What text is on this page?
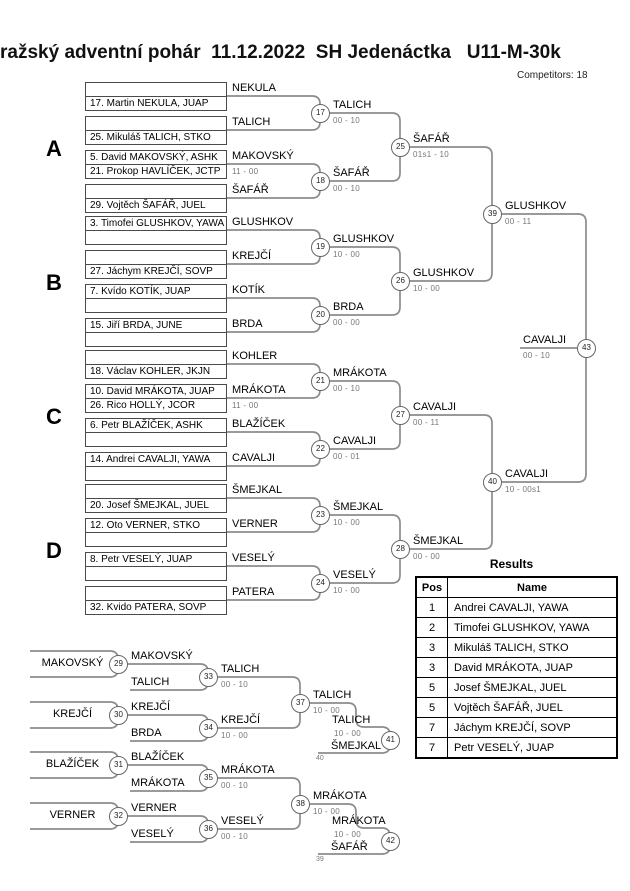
ražský adventní pohár  11.12.2022  SH Jedenáctka   U11-M-30k
Competitors: 18
A
B
C
D
Results
Pos	Name
1	Andrei CAVALJI, YAWA
2	Timofei GLUSHKOV, YAWA
3	Mikuláš TALICH, STKO
3	David MRÁKOTA, JUAP
5	Josef ŠMEJKAL, JUEL
5	Vojtěch ŠAFÁŘ, JUEL
7	Jáchym KREJČÍ, SOVP
7	Petr VESELÝ, JUAP
17. Martin NEKULA, JUAP
NEKULA
25. Mikuláš TALICH, STKO
TALICH
5. David MAKOVSKÝ, ASHK
21. Prokop HAVLÍČEK, JCTP
MAKOVSKÝ
11 - 00
29. Vojtěch ŠAFÁŘ, JUEL
ŠAFÁŘ
3. Timofei GLUSHKOV, YAWA GLUSHKOV
27. Jáchym KREJČÍ, SOVP
KREJČÍ
7. Kvído KOTÍK, JUAP	KOTÍK
15. Jiří BRDA, JUNE	BRDA
18. Václav KOHLER, JKJN
KOHLER
10. David MRÁKOTA, JUAP
26. Rico HOLLÝ, JCOR
MRÁKOTA
11 - 00
6. Petr BLAŽÍČEK, ASHK	BLAŽÍČEK
14. Andrei CAVALJI, YAWA	CAVALJI
20. Josef ŠMEJKAL, JUEL
ŠMEJKAL
12. Oto VERNER, STKO	VERNER
8. Petr VESELÝ, JUAP	VESELÝ
32. Kvido PATERA, SOVP
PATERA
17
TALICH
00 - 10
18
ŠAFÁŘ
00 - 10
19
GLUSHKOV
10 - 00
20
BRDA
00 - 00
21
MRÁKOTA
00 - 10
22
CAVALJI
00 - 01
23
ŠMEJKAL
10 - 00
24
VESELÝ
10 - 00
25
ŠAFÁŘ
01s1 - 10
26
GLUSHKOV
10 - 00
27
CAVALJI
00 - 11
28
ŠMEJKAL
00 - 00
39
GLUSHKOV
00 - 11
40
CAVALJI
10 - 00s1
43
CAVALJI
00 - 10
MAKOVSKÝ	29
KREJČÍ	30
BLAŽÍČEK	31
VERNER	32
MAKOVSKÝ
TALICH	33
TALICH
00 - 10
KREJČÍ
BRDA	34
KREJČÍ
10 - 00
BLAŽÍČEK
MRÁKOTA	35
MRÁKOTA
00 - 10
VERNER
VESELÝ	36
VESELÝ
00 - 10
37
TALICH
10 - 00
38
MRÁKOTA
10 - 00
41
TALICH
10 - 00
ŠMEJKAL
40
42
MRÁKOTA
10 - 00
ŠAFÁŘ
39
